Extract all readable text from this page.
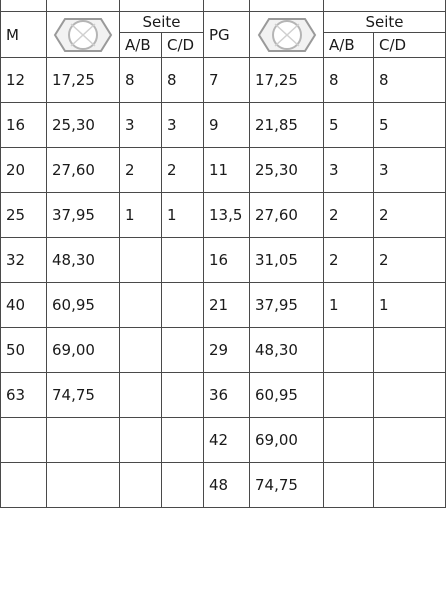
M		Seite		PG		Seite	
		A/B	C/D			A/B	C/D
12	17,25	8	8	7	17,25	8	8
16	25,30	3	3	9	21,85	5	5
20	27,60	2	2	11	25,30	3	3
25	37,95	1	1	13,5	27,60	2	2
32	48,30			16	31,05	2	2
40	60,95			21	37,95	1	1
50	69,00			29	48,30		
63	74,75			36	60,95		
				42	69,00		
				48	74,75		
